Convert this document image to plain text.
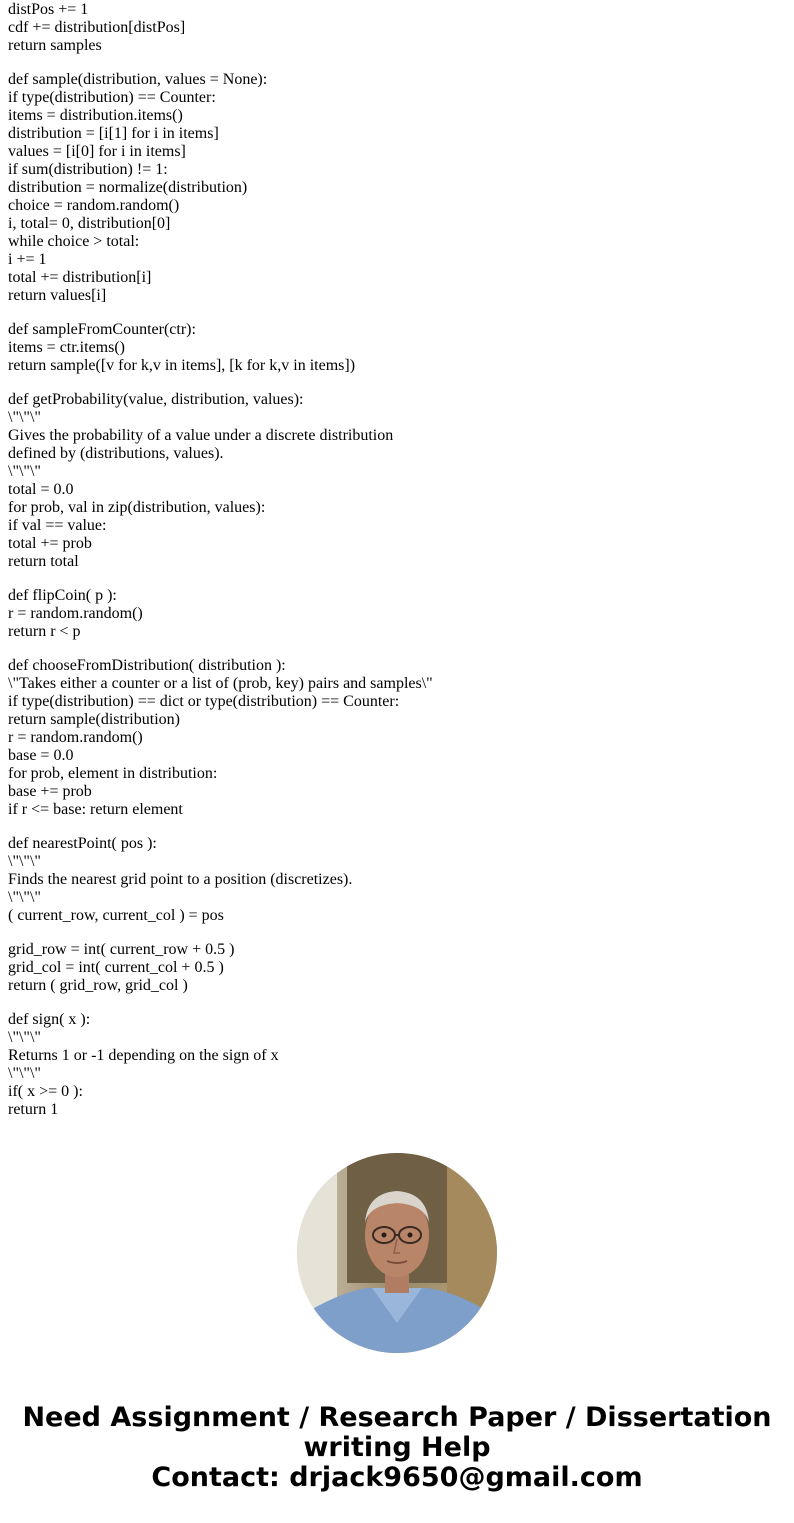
distPos += 1
cdf += distribution[distPos]
return samples
def sample(distribution, values = None):
if type(distribution) == Counter:
items = distribution.items()
distribution = [i[1] for i in items]
values = [i[0] for i in items]
if sum(distribution) != 1:
distribution = normalize(distribution)
choice = random.random()
i, total= 0, distribution[0]
while choice > total:
i += 1
total += distribution[i]
return values[i]
def sampleFromCounter(ctr):
items = ctr.items()
return sample([v for k,v in items], [k for k,v in items])
def getProbability(value, distribution, values):
\"\"\"
Gives the probability of a value under a discrete distribution
defined by (distributions, values).
\"\"\"
total = 0.0
for prob, val in zip(distribution, values):
if val == value:
total += prob
return total
def flipCoin( p ):
r = random.random()
return r < p
def chooseFromDistribution( distribution ):
\"Takes either a counter or a list of (prob, key) pairs and samples\"
if type(distribution) == dict or type(distribution) == Counter:
return sample(distribution)
r = random.random()
base = 0.0
for prob, element in distribution:
base += prob
if r <= base: return element
def nearestPoint( pos ):
\"\"\"
Finds the nearest grid point to a position (discretizes).
\"\"\"
( current_row, current_col ) = pos
grid_row = int( current_row + 0.5 )
grid_col = int( current_col + 0.5 )
return ( grid_row, grid_col )
def sign( x ):
\"\"\"
Returns 1 or -1 depending on the sign of x
\"\"\"
if( x >= 0 ):
return 1
Need Assignment / Research Paper / Dissertation
writing Help
Contact: drjack9650@gmail.com
